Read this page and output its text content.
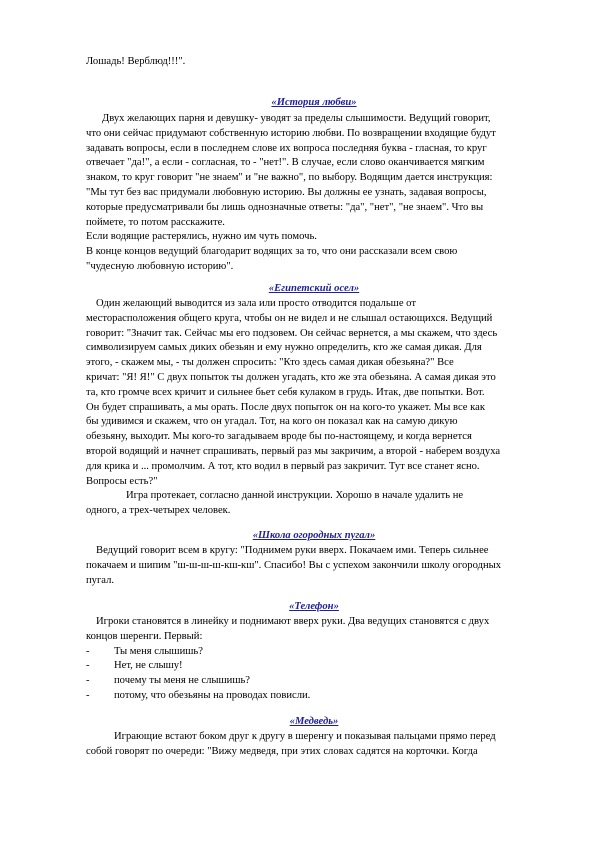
Лошадь! Верблюд!!!".
«История любви»
Двух желающих парня и девушку- уводят за пределы слышимости. Ведущий говорит,
что они сейчас придумают собственную историю любви. По возвращении входящие будут
задавать вопросы, если в последнем слове их вопроса последняя буква - гласная, то круг
отвечает "да!", а если - согласная, то - "нет!". В случае, если слово оканчивается мягким
знаком, то круг говорит "не знаем" и "не важно", по выбору. Водящим дается инструкция:
"Мы тут без вас придумали любовную историю. Вы должны ее узнать, задавая вопросы,
которые предусматривали бы лишь однозначные ответы: "да", "нет", "не знаем". Что вы
поймете, то потом расскажите.
Если водящие растерялись, нужно им чуть помочь.
В конце концов ведущий благодарит водящих за то, что они рассказали всем свою
"чудесную любовную историю".
«Египетский осел»
Один желающий выводится из зала или просто отводится подальше от
месторасположения общего круга, чтобы он не видел и не слышал остающихся. Ведущий
говорит: "Значит так. Сейчас мы его подзовем. Он сейчас вернется, а мы скажем, что здесь
символизируем самых диких обезьян и ему нужно определить, кто же самая дикая. Для
этого, - скажем мы, - ты должен спросить: "Кто здесь самая дикая обезьяна?" Все
кричат: "Я! Я!" С двух попыток ты должен угадать, кто же эта обезьяна. А самая дикая это
та, кто громче всех кричит и сильнее бьет себя кулаком в грудь. Итак, две попытки. Вот.
Он будет спрашивать, а мы орать. После двух попыток он на кого-то укажет. Мы все как
бы удивимся и скажем, что он угадал. Тот, на кого он показал как на самую дикую
обезьяну, выходит. Мы кого-то загадываем вроде бы по-настоящему, и когда вернется
второй водящий и начнет спрашивать, первый раз мы закричим, а второй - наберем воздуха
для крика и ... промолчим. А тот, кто водил в первый раз закричит. Тут все станет ясно.
Вопросы есть?"
Игра протекает, согласно данной инструкции. Хорошо в начале удалить не
одного, а трех-четырех человек.
«Школа огородных пугал»
Ведущий говорит всем в кругу: "Поднимем руки вверх. Покачаем ими. Теперь сильнее
покачаем и шипим "ш-ш-ш-ш-кш-кш". Спасибо! Вы с успехом закончили школу огородных
пугал.
«Телефон»
Игроки становятся в линейку и поднимают вверх руки. Два ведущих становятся с двух
концов шеренги. Первый:
-	Ты меня слышишь?
-	Нет, не слышу!
-	почему ты меня не слышишь?
-	потому, что обезьяны на проводах повисли.
«Медведь»
Играющие встают боком друг к другу в шеренгу и показывая пальцами прямо перед
собой говорят по очереди: "Вижу медведя, при этих словах садятся на корточки. Когда
